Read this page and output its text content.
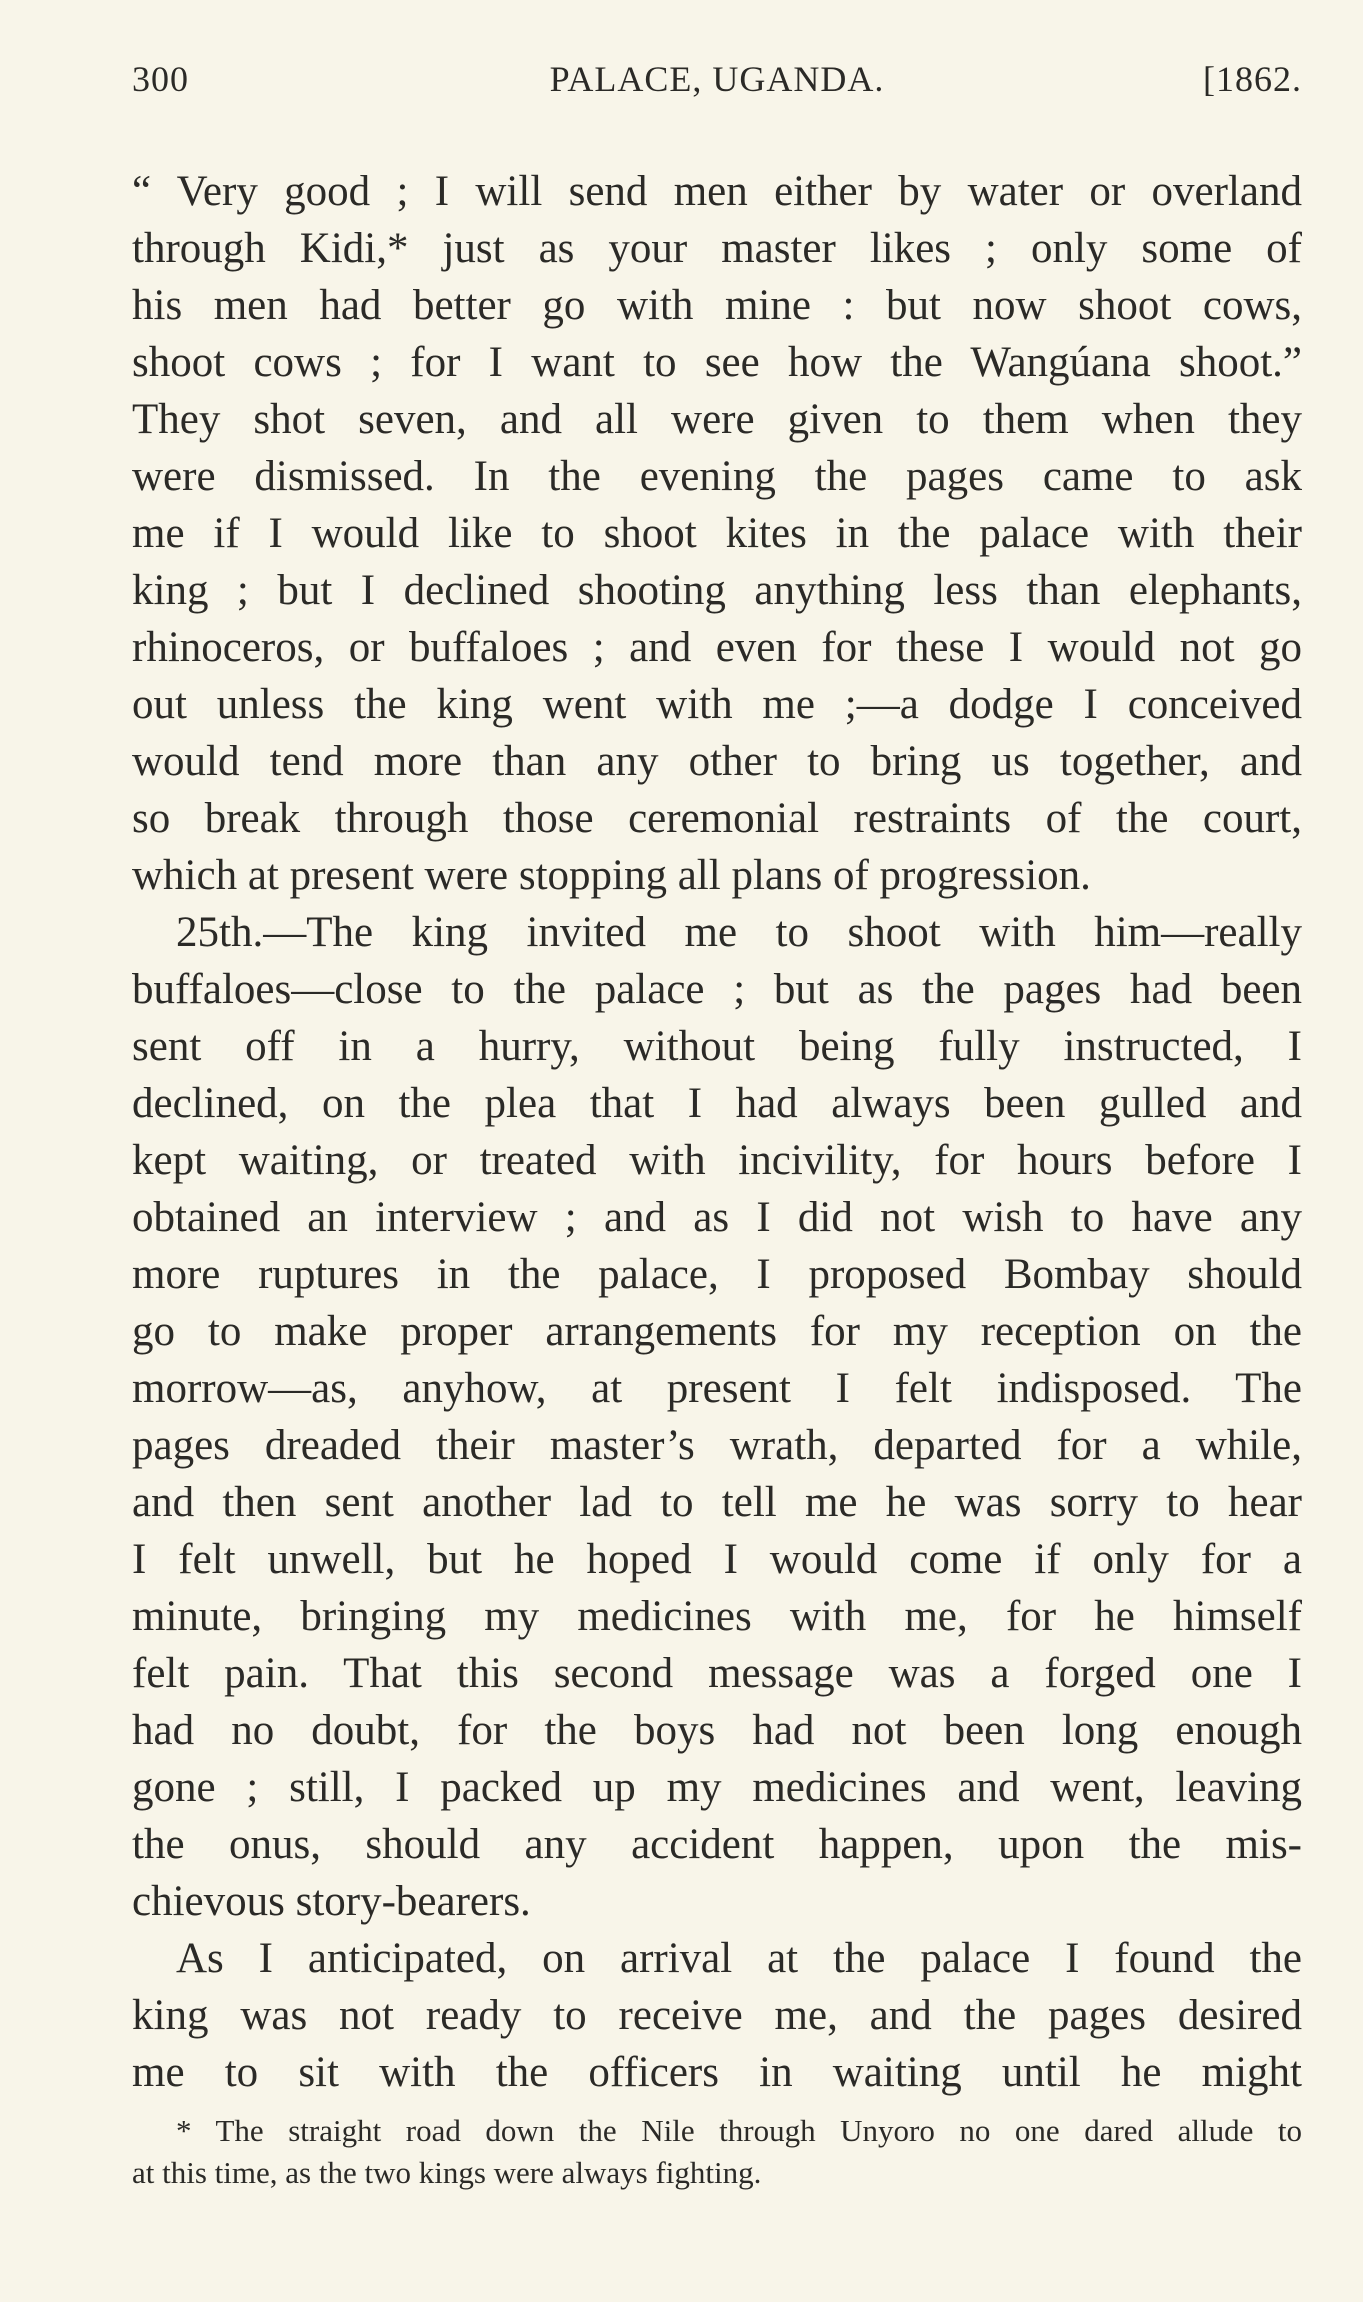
300	PALACE, UGANDA.	[1862.
“ Very good ; I will send men either by water or overland
through Kidi,* just as your master likes ; only some of
his men had better go with mine : but now shoot cows,
shoot cows ; for I want to see how the Wangúana shoot.”
They shot seven, and all were given to them when they
were dismissed. In the evening the pages came to ask
me if I would like to shoot kites in the palace with their
king ; but I declined shooting anything less than elephants,
rhinoceros, or buffaloes ; and even for these I would not go
out unless the king went with me ;—a dodge I conceived
would tend more than any other to bring us together, and
so break through those ceremonial restraints of the court,
which at present were stopping all plans of progression.
25th.—The king invited me to shoot with him—really
buffaloes—close to the palace ; but as the pages had been
sent off in a hurry, without being fully instructed, I
declined, on the plea that I had always been gulled and
kept waiting, or treated with incivility, for hours before I
obtained an interview ; and as I did not wish to have any
more ruptures in the palace, I proposed Bombay should
go to make proper arrangements for my reception on the
morrow—as, anyhow, at present I felt indisposed. The
pages dreaded their master’s wrath, departed for a while,
and then sent another lad to tell me he was sorry to hear
I felt unwell, but he hoped I would come if only for a
minute, bringing my medicines with me, for he himself
felt pain. That this second message was a forged one I
had no doubt, for the boys had not been long enough
gone ; still, I packed up my medicines and went, leaving
the onus, should any accident happen, upon the mis-
chievous story-bearers.
As I anticipated, on arrival at the palace I found the
king was not ready to receive me, and the pages desired
me to sit with the officers in waiting until he might
* The straight road down the Nile through Unyoro no one dared allude to
at this time, as the two kings were always fighting.
